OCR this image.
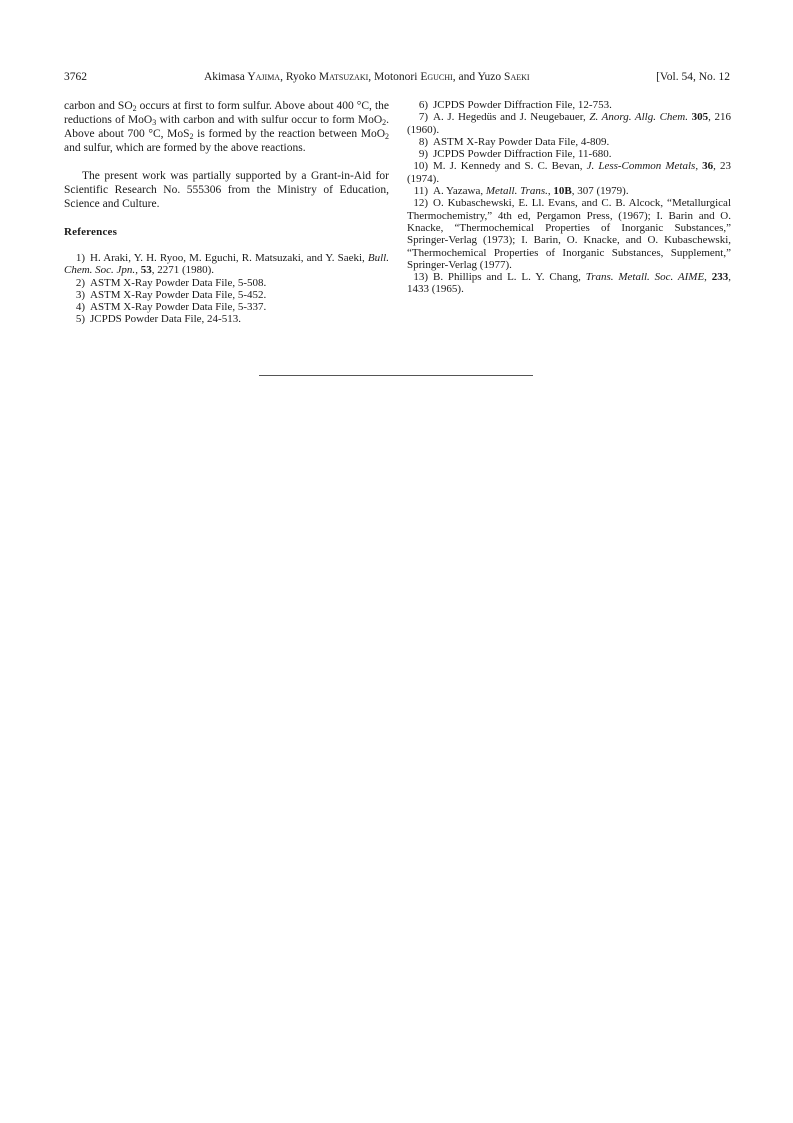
3762	Akimasa Yajima, Ryoko Matsuzaki, Motonori Eguchi, and Yuzo Saeki	[Vol. 54, No. 12

carbon and $SO_2$ occurs at first to form sulfur. Above about 400 °C, the reductions of MoO$_3$ with carbon and with sulfur occur to form MoO$_2$. Above about 700 °C, MoS$_2$ is formed by the reaction between MoO$_2$ and sulfur, which are formed by the above reactions.

The present work was partially supported by a Grant-in-Aid for Scientific Research No. 555306 from the Ministry of Education, Science and Culture.

References

1) H. Araki, Y. H. Ryoo, M. Eguchi, R. Matsuzaki, and Y. Saeki, Bull. Chem. Soc. Jpn., 53, 2271 (1980).

2) ASTM X-Ray Powder Data File, 5-508.

3) ASTM X-Ray Powder Data File, 5-452.

4) ASTM X-Ray Powder Data File, 5-337.

5) JCPDS Powder Data File, 24-513.

6) JCPDS Powder Diffraction File, 12-753.

7) A. J. Hegedüs and J. Neugebauer, Z. Anorg. Allg. Chem. 305, 216 (1960).

8) ASTM X-Ray Powder Data File, 4-809.

9) JCPDS Powder Diffraction File, 11-680.

10) M. J. Kennedy and S. C. Bevan, J. Less-Common Metals, 36, 23 (1974).

11) A. Yazawa, Metall. Trans., 10B, 307 (1979).

12) O. Kubaschewski, E. Ll. Evans, and C. B. Alcock, “Metallurgical Thermochemistry,” 4th ed, Pergamon Press, (1967); I. Barin and O. Knacke, “Thermochemical Properties of Inorganic Substances,” Springer-Verlag (1973); I. Barin, O. Knacke, and O. Kubaschewski, “Thermochemical Properties of Inorganic Substances, Supplement,” Springer-Verlag (1977).

13) B. Phillips and L. L. Y. Chang, Trans. Metall. Soc. AIME, 233, 1433 (1965).
